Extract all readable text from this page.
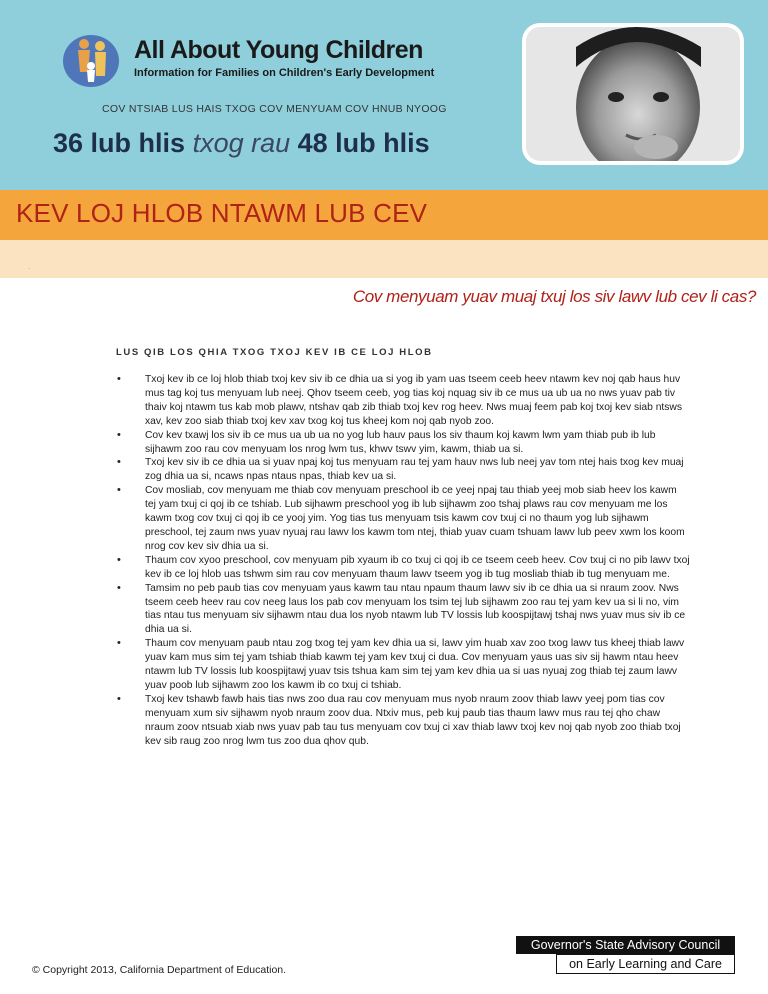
All About Young Children
Information for Families on Children's Early Development
COV NTSIAB LUS HAIS TXOG COV MENYUAM COV HNUB NYOOG
36 lub hlis txog rau 48 lub hlis
KEV LOJ HLOB NTAWM LUB CEV
.
Cov menyuam yuav muaj txuj los siv lawv lub cev li cas?
LUS QIB LOS QHIA TXOG TXOJ KEV IB CE LOJ HLOB
• Txoj kev ib ce loj hlob thiab txoj kev siv ib ce dhia ua si yog ib yam uas tseem ceeb heev ntawm kev noj qab haus huv mus tag koj tus menyuam lub neej. Qhov tseem ceeb, yog tias koj nquag siv ib ce mus ua ub ua no nws yuav pab tiv thaiv koj ntawm tus kab mob plawv, ntshav qab zib thiab txoj kev rog heev. Nws muaj feem pab koj txoj kev siab ntsws xav, kev zoo siab thiab txoj kev xav txog koj tus kheej kom noj qab nyob zoo.
• Cov kev txawj los siv ib ce mus ua ub ua no yog lub hauv paus los siv thaum koj kawm lwm yam thiab pub ib lub sijhawm zoo rau cov menyuam los nrog lwm tus, khwv tswv yim, kawm, thiab ua si.
• Txoj kev siv ib ce dhia ua si yuav npaj koj tus menyuam rau tej yam hauv nws lub neej yav tom ntej hais txog kev muaj zog dhia ua si, ncaws npas ntaus npas, thiab kev ua si.
• Cov mosliab, cov menyuam me thiab cov menyuam preschool ib ce yeej npaj tau thiab yeej mob siab heev los kawm tej yam txuj ci qoj ib ce tshiab. Lub sijhawm preschool yog ib lub sijhawm zoo tshaj plaws rau cov menyuam me los kawm txog cov txuj ci qoj ib ce yooj yim. Yog tias tus menyuam tsis kawm cov txuj ci no thaum yog lub sijhawm preschool, tej zaum nws yuav nyuaj rau lawv los kawm tom ntej, thiab yuav cuam tshuam lawv lub peev xwm los koom nrog cov kev siv dhia ua si.
• Thaum cov xyoo preschool, cov menyuam pib xyaum ib co txuj ci qoj ib ce tseem ceeb heev. Cov txuj ci no pib lawv txoj kev ib ce loj hlob uas tshwm sim rau cov menyuam thaum lawv tseem yog ib tug mosliab thiab ib tug menyuam me.
• Tamsim no peb paub tias cov menyuam yaus kawm tau ntau npaum thaum lawv siv ib ce dhia ua si nraum zoov. Nws tseem ceeb heev rau cov neeg laus los pab cov menyuam los tsim tej lub sijhawm zoo rau tej yam kev ua si li no, vim tias ntau tus menyuam siv sijhawm ntau dua los nyob ntawm lub TV lossis lub koospijtawj tshaj nws yuav mus siv ib ce dhia ua si.
• Thaum cov menyuam paub ntau zog txog tej yam kev dhia ua si, lawv yim huab xav zoo txog lawv tus kheej thiab lawv yuav kam mus sim tej yam tshiab thiab kawm tej yam kev txuj ci dua. Cov menyuam yaus uas siv sij hawm ntau heev ntawm lub TV lossis lub koospijtawj yuav tsis tshua kam sim tej yam kev dhia ua si uas nyuaj zog thiab tej zaum lawv yuav poob lub sijhawm zoo los kawm ib co txuj ci tshiab.
• Txoj kev tshawb fawb hais tias nws zoo dua rau cov menyuam mus nyob nraum zoov thiab lawv yeej pom tias cov menyuam xum siv sijhawm nyob nraum zoov dua. Ntxiv mus, peb kuj paub tias thaum lawv mus rau tej qho chaw nraum zoov ntsuab xiab nws yuav pab tau tus menyuam cov txuj ci xav thiab lawv txoj kev noj qab nyob zoo thiab txoj kev sib raug zoo nrog lwm tus zoo dua qhov qub.
© Copyright 2013, California Department of Education.
Governor's State Advisory Council
on Early Learning and Care
